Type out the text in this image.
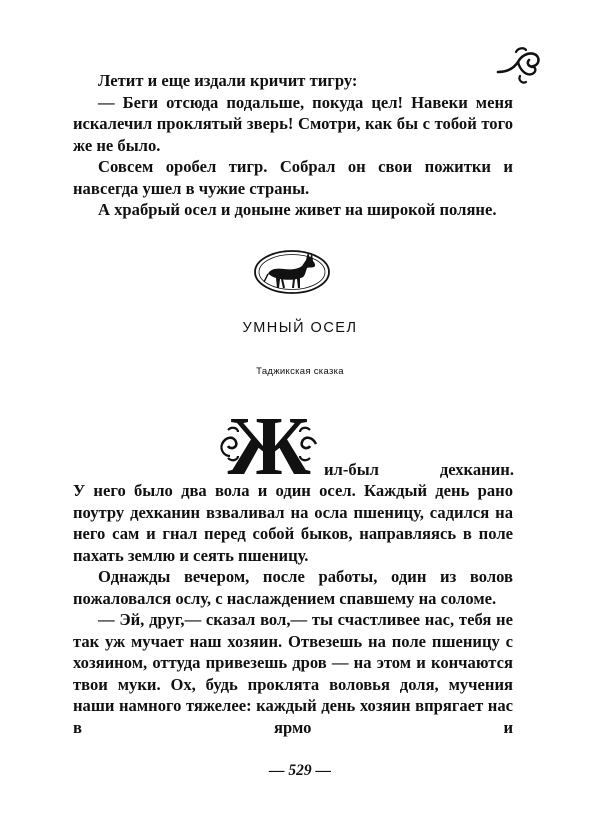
Летит и еще издали кричит тигру:

— Беги отсюда подальше, покуда цел! Навеки меня искалечил проклятый зверь! Смотри, как бы с тобой того же не было.

Совсем оробел тигр. Собрал он свои пожитки и навсегда ушел в чужие страны.

А храбрый осел и доныне живет на широкой поляне.

УМНЫЙ ОСЕЛ
Таджикская сказка
Ж ил-был	дехканин.

У него было два вола и один осел. Каждый день рано поутру дехканин взваливал на осла пшеницу, садился на него сам и гнал перед собой быков, направляясь в поле пахать землю и сеять пшеницу.

Однажды вечером, после работы, один из волов пожаловался ослу, с наслаждением спавшему на соломе.

— Эй, друг,— сказал вол,— ты счастливее нас, тебя не так уж мучает наш хозяин. Отвезешь на поле пшеницу с хозяином, оттуда привезешь дров — на этом и кончаются твои муки. Ох, будь проклята воловья доля, мучения наши намного тяжелее: каждый день хозяин впрягает нас в ярмо и

— 529 —
